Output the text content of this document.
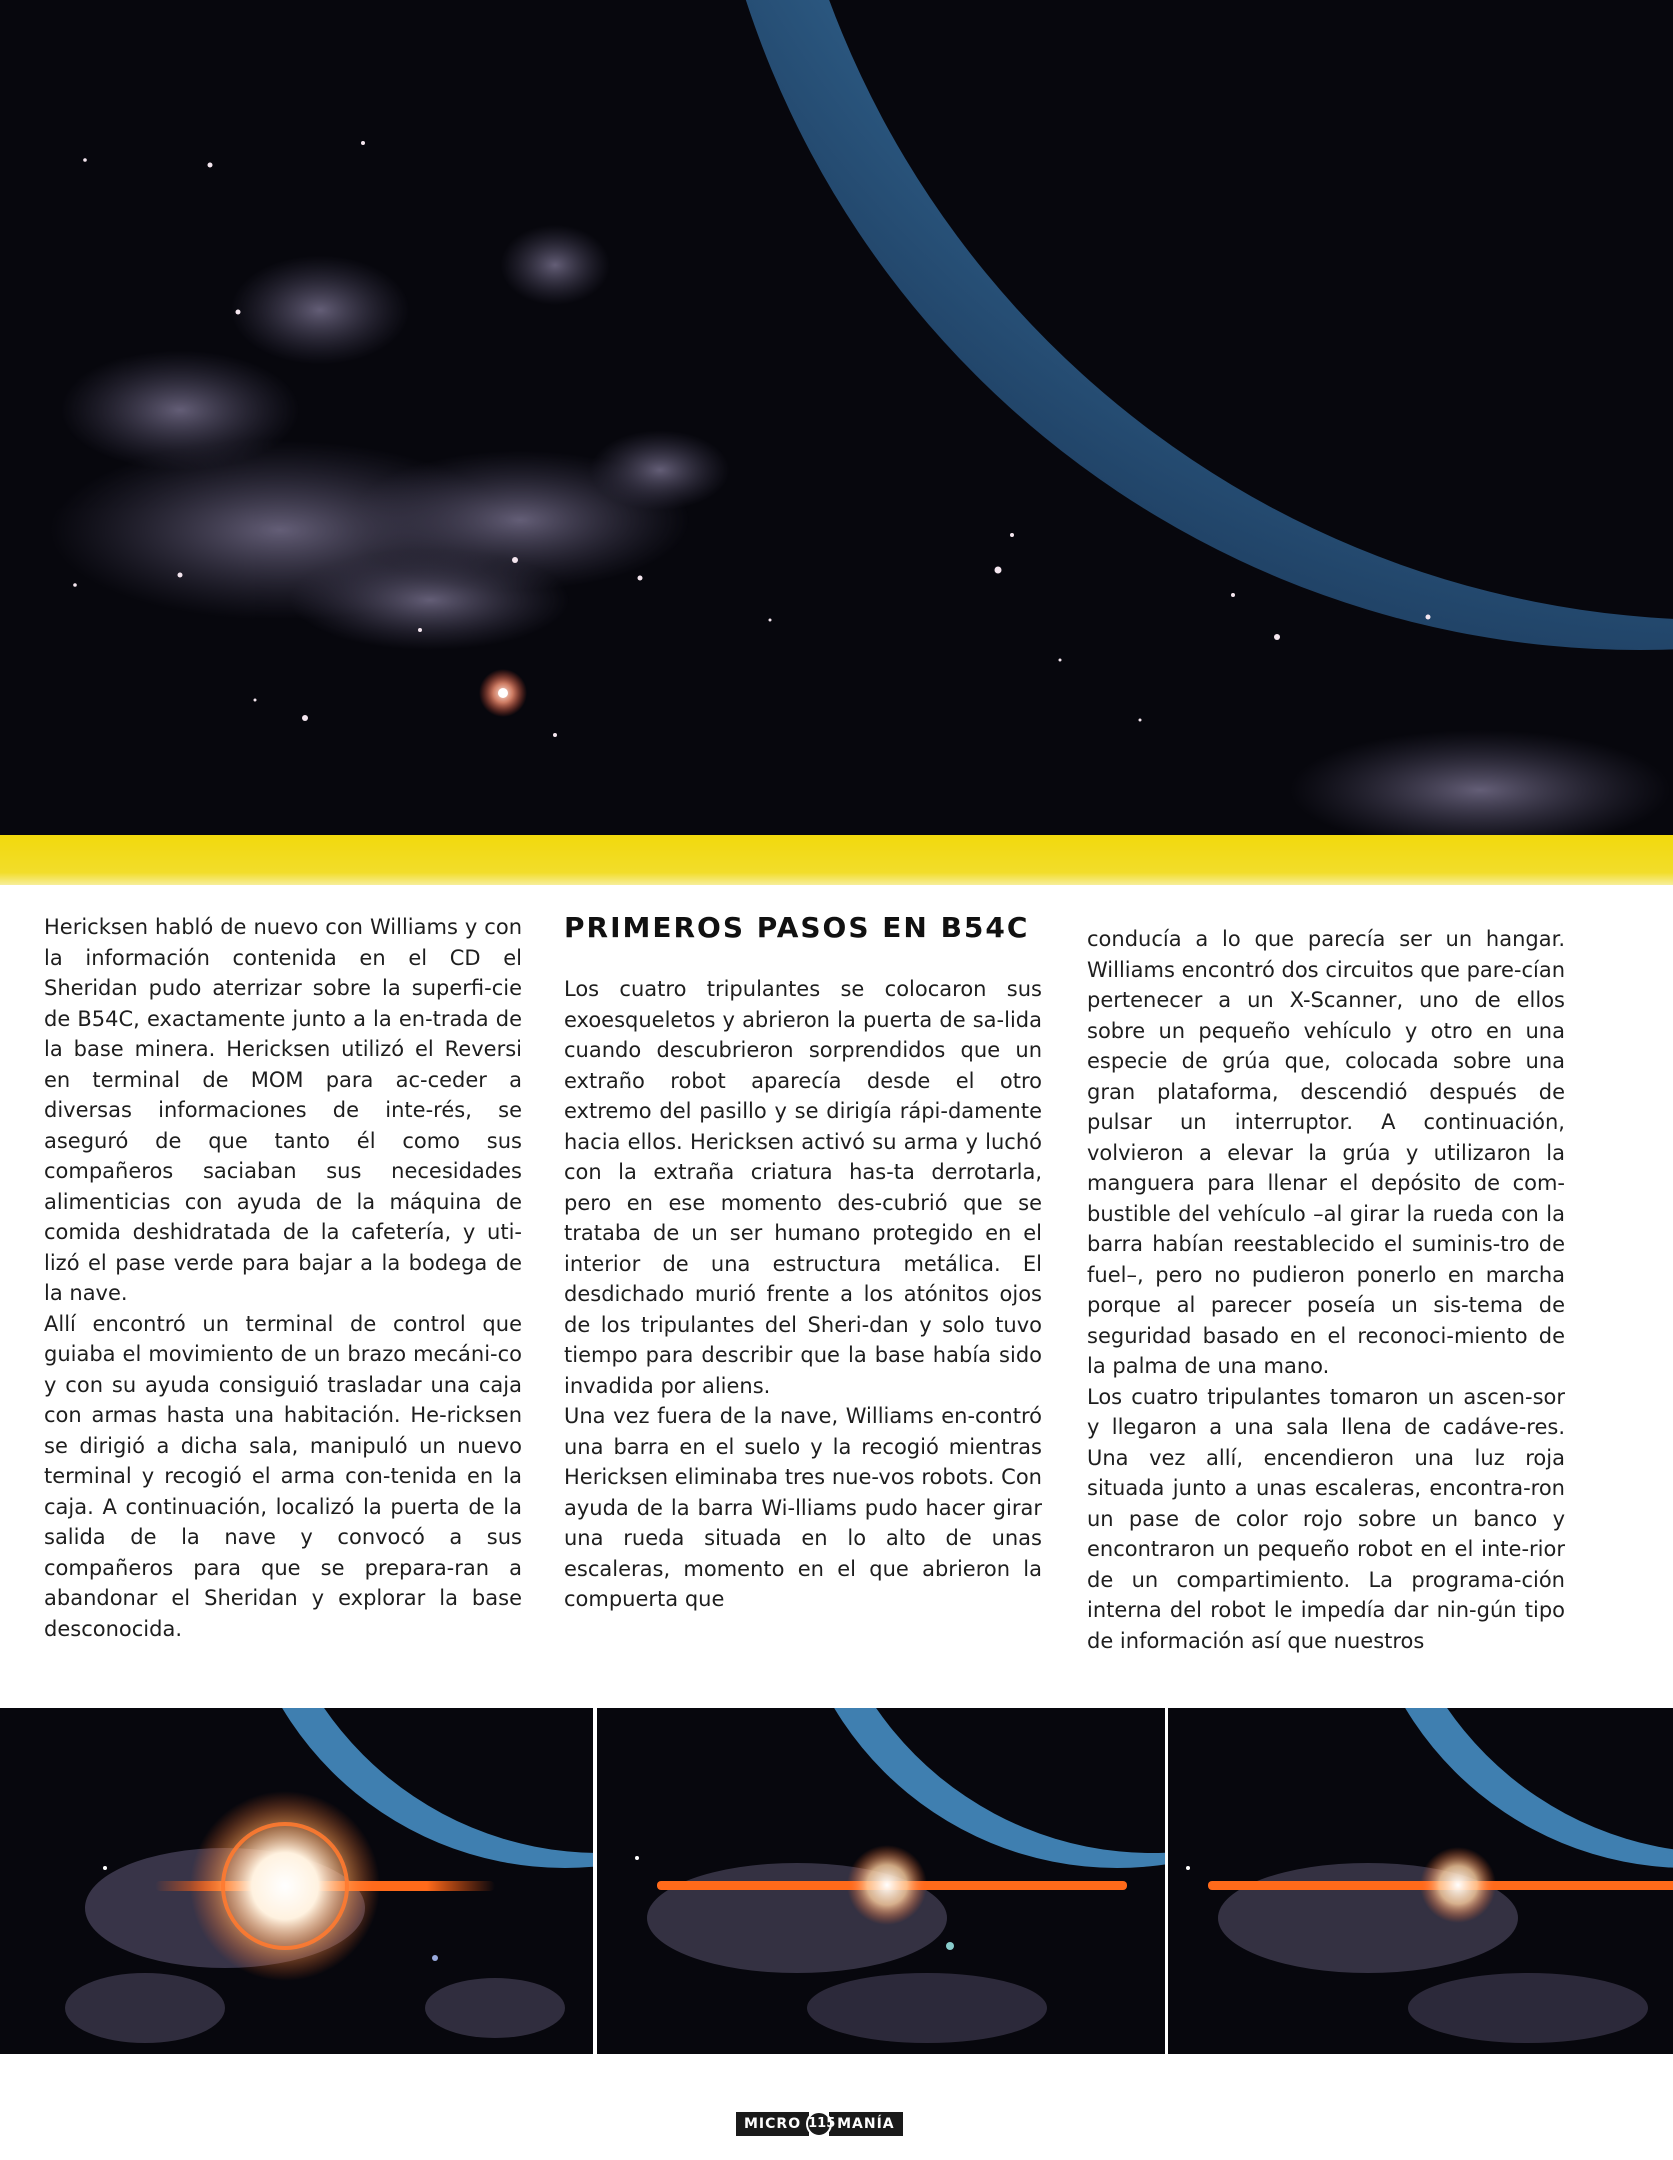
Hericksen habló de nuevo con Williams y con la información contenida en el CD el Sheridan pudo aterrizar sobre la superfi-cie de B54C, exactamente junto a la en-trada de la base minera. Hericksen utilizó el Reversi en terminal de MOM para ac-ceder a diversas informaciones de inte-rés, se aseguró de que tanto él como sus compañeros saciaban sus necesidades alimenticias con ayuda de la máquina de comida deshidratada de la cafetería, y uti-lizó el pase verde para bajar a la bodega de la nave.

Allí encontró un terminal de control que guiaba el movimiento de un brazo mecáni-co y con su ayuda consiguió trasladar una caja con armas hasta una habitación. He-ricksen se dirigió a dicha sala, manipuló un nuevo terminal y recogió el arma con-tenida en la caja. A continuación, localizó la puerta de la salida de la nave y convocó a sus compañeros para que se prepara-ran a abandonar el Sheridan y explorar la base desconocida.

PRIMEROS PASOS EN B54C

Los cuatro tripulantes se colocaron sus exoesqueletos y abrieron la puerta de sa-lida cuando descubrieron sorprendidos que un extraño robot aparecía desde el otro extremo del pasillo y se dirigía rápi-damente hacia ellos. Hericksen activó su arma y luchó con la extraña criatura has-ta derrotarla, pero en ese momento des-cubrió que se trataba de un ser humano protegido en el interior de una estructura metálica. El desdichado murió frente a los atónitos ojos de los tripulantes del Sheri-dan y solo tuvo tiempo para describir que la base había sido invadida por aliens.

Una vez fuera de la nave, Williams en-contró una barra en el suelo y la recogió mientras Hericksen eliminaba tres nue-vos robots. Con ayuda de la barra Wi-lliams pudo hacer girar una rueda situada en lo alto de unas escaleras, momento en el que abrieron la compuerta que

conducía a lo que parecía ser un hangar. Williams encontró dos circuitos que pare-cían pertenecer a un X-Scanner, uno de ellos sobre un pequeño vehículo y otro en una especie de grúa que, colocada sobre una gran plataforma, descendió después de pulsar un interruptor. A continuación, volvieron a elevar la grúa y utilizaron la manguera para llenar el depósito de com-bustible del vehículo –al girar la rueda con la barra habían reestablecido el suminis-tro de fuel–, pero no pudieron ponerlo en marcha porque al parecer poseía un sis-tema de seguridad basado en el reconoci-miento de la palma de una mano.

Los cuatro tripulantes tomaron un ascen-sor y llegaron a una sala llena de cadáve-res. Una vez allí, encendieron una luz roja situada junto a unas escaleras, encontra-ron un pase de color rojo sobre un banco y encontraron un pequeño robot en el inte-rior de un compartimiento. La programa-ción interna del robot le impedía dar nin-gún tipo de información así que nuestros

MICRO 115 MANÍA
